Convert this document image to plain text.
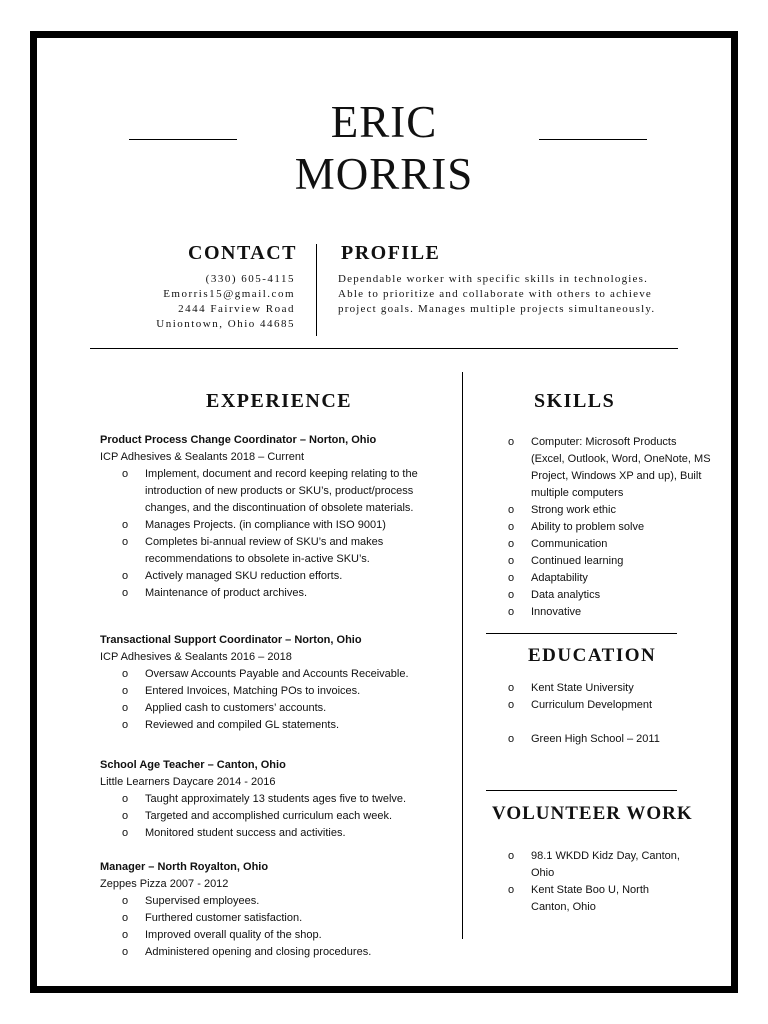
ERIC
MORRIS
CONTACT
(330) 605-4115
Emorris15@gmail.com
2444 Fairview Road
Uniontown, Ohio 44685
PROFILE
Dependable worker with specific skills in technologies.
Able to prioritize and collaborate with others to achieve
project goals. Manages multiple projects simultaneously.
EXPERIENCE
Product Process Change Coordinator – Norton, Ohio
ICP Adhesives & Sealants 2018 – Current
o Implement, document and record keeping relating to the introduction of new products or SKU’s, product/process changes, and the discontinuation of obsolete materials.
o Manages Projects. (in compliance with ISO 9001)
o Completes bi-annual review of SKU’s and makes recommendations to obsolete in-active SKU’s.
o Actively managed SKU reduction efforts.
o Maintenance of product archives.
Transactional Support Coordinator – Norton, Ohio
ICP Adhesives & Sealants 2016 – 2018
o Oversaw Accounts Payable and Accounts Receivable.
o Entered Invoices, Matching POs to invoices.
o Applied cash to customers’ accounts.
o Reviewed and compiled GL statements.
School Age Teacher – Canton, Ohio
Little Learners Daycare 2014 - 2016
o Taught approximately 13 students ages five to twelve.
o Targeted and accomplished curriculum each week.
o Monitored student success and activities.
Manager – North Royalton, Ohio
Zeppes Pizza 2007 - 2012
o Supervised employees.
o Furthered customer satisfaction.
o Improved overall quality of the shop.
o Administered opening and closing procedures.
SKILLS
o Computer: Microsoft Products (Excel, Outlook, Word, OneNote, MS Project, Windows XP and up), Built multiple computers
o Strong work ethic
o Ability to problem solve
o Communication
o Continued learning
o Adaptability
o Data analytics
o Innovative
EDUCATION
o Kent State University
o Curriculum Development
o Green High School – 2011
VOLUNTEER WORK
o 98.1 WKDD Kidz Day, Canton, Ohio
o Kent State Boo U, North Canton, Ohio
